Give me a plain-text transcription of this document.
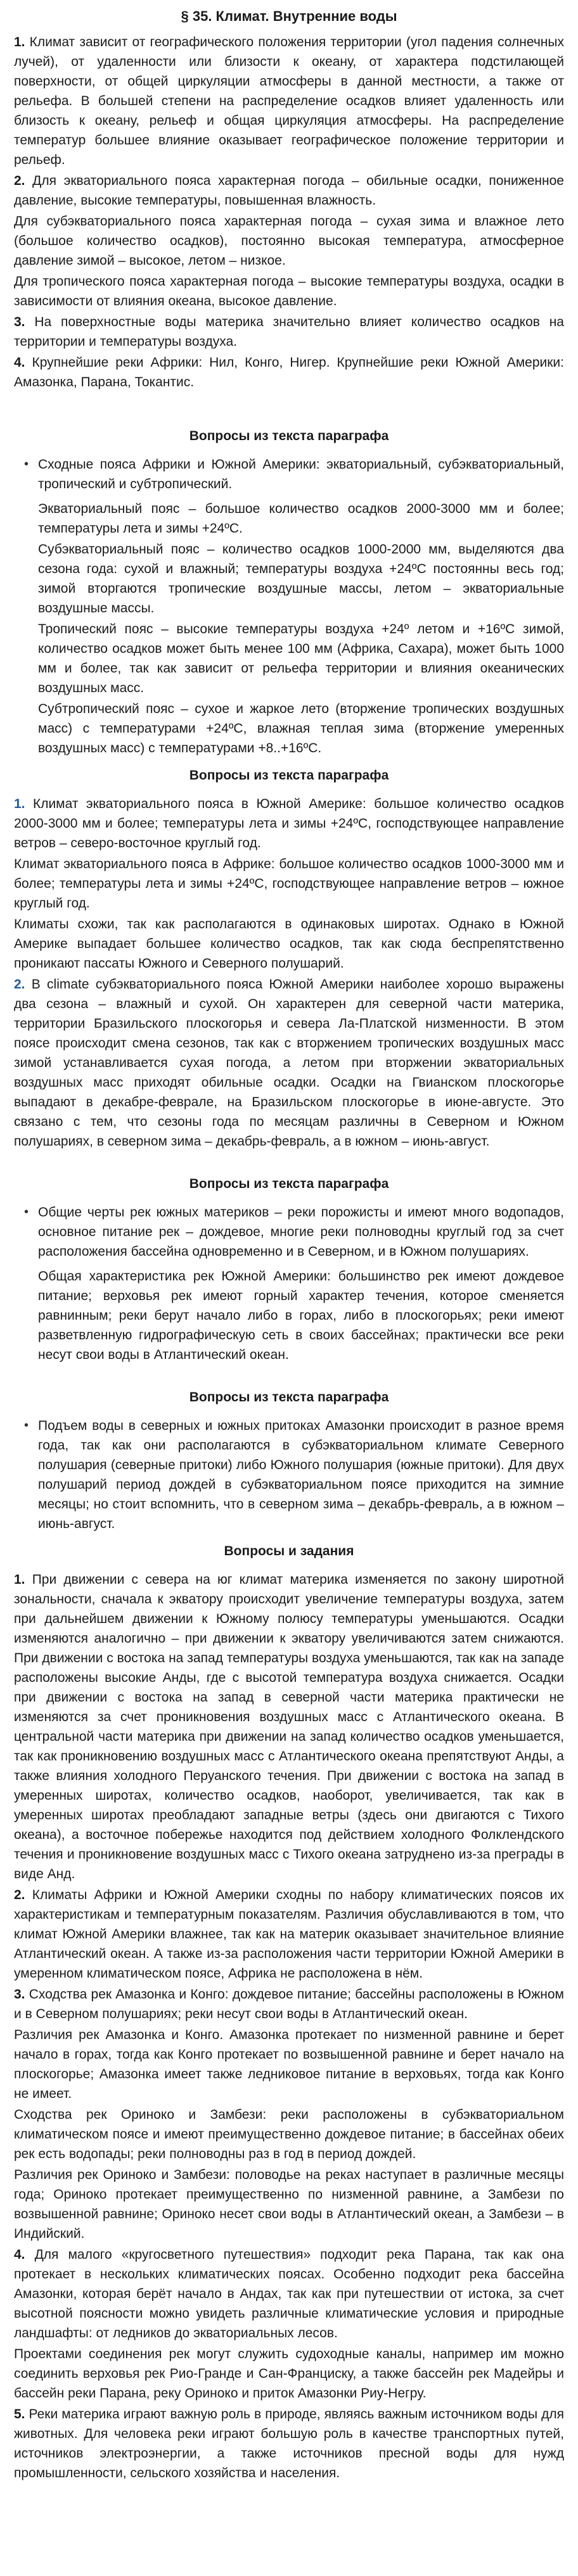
§ 35. Климат. Внутренние воды

1. Климат зависит от географического положения территории (угол падения солнечных лучей), от удаленности или близости к океану, от характера подстилающей поверхности, от общей циркуляции атмосферы в данной местности, а также от рельефа. В большей степени на распределение осадков влияет удаленность или близость к океану, рельеф и общая циркуляция атмосферы. На распределение температур большее влияние оказывает географическое положение территории и рельеф.

2. Для экваториального пояса характерная погода – обильные осадки, пониженное давление, высокие температуры, повышенная влажность.

Для субэкваториального пояса характерная погода – сухая зима и влажное лето (большое количество осадков), постоянно высокая температура, атмосферное давление зимой – высокое, летом – низкое.

Для тропического пояса характерная погода – высокие температуры воздуха, осадки в зависимости от влияния океана, высокое давление.

3. На поверхностные воды материка значительно влияет количество осадков на территории и температуры воздуха.

4. Крупнейшие реки Африки: Нил, Конго, Нигер. Крупнейшие реки Южной Америки: Амазонка, Парана, Токантис.

Вопросы из текста параграфа
• Сходные пояса Африки и Южной Америки: экваториальный, субэкваториальный, тропический и субтропический.

Экваториальный пояс – большое количество осадков 2000-3000 мм и более; температуры лета и зимы +24ºС.

Субэкваториальный пояс – количество осадков 1000-2000 мм, выделяются два сезона года: сухой и влажный; температуры воздуха +24ºС постоянны весь год; зимой вторгаются тропические воздушные массы, летом – экваториальные воздушные массы.

Тропический пояс – высокие температуры воздуха +24º летом и +16ºС зимой, количество осадков может быть менее 100 мм (Африка, Сахара), может быть 1000 мм и более, так как зависит от рельефа территории и влияния океанических воздушных масс.

Субтропический пояс – сухое и жаркое лето (вторжение тропических воздушных масс) с температурами +24ºС, влажная теплая зима (вторжение умеренных воздушных масс) с температурами +8..+16ºС.

Вопросы из текста параграфа

1. Климат экваториального пояса в Южной Америке: большое количество осадков 2000-3000 мм и более; температуры лета и зимы +24ºС, господствующее направление ветров – северо-восточное круглый год.

Климат экваториального пояса в Африке: большое количество осадков 1000-3000 мм и более; температуры лета и зимы +24ºС, господствующее направление ветров – южное круглый год.

Климаты схожи, так как располагаются в одинаковых широтах. Однако в Южной Америке выпадает большее количество осадков, так как сюда беспрепятственно проникают пассаты Южного и Северного полушарий.

2. В climate субэкваториального пояса Южной Америки наиболее хорошо выражены два сезона – влажный и сухой. Он характерен для северной части материка, территории Бразильского плоскогорья и севера Ла-Платской низменности. В этом поясе происходит смена сезонов, так как с вторжением тропических воздушных масс зимой устанавливается сухая погода, а летом при вторжении экваториальных воздушных масс приходят обильные осадки. Осадки на Гвианском плоскогорье выпадают в декабре-феврале, на Бразильском плоскогорье в июне-августе. Это связано с тем, что сезоны года по месяцам различны в Северном и Южном полушариях, в северном зима – декабрь-февраль, а в южном – июнь-август.

Вопросы из текста параграфа
• Общие черты рек южных материков – реки порожисты и имеют много водопадов, основное питание рек – дождевое, многие реки полноводны круглый год за счет расположения бассейна одновременно и в Северном, и в Южном полушариях.

Общая характеристика рек Южной Америки: большинство рек имеют дождевое питание; верховья рек имеют горный характер течения, которое сменяется равнинным; реки берут начало либо в горах, либо в плоскогорьях; реки имеют разветвленную гидрографическую сеть в своих бассейнах; практически все реки несут свои воды в Атлантический океан.

Вопросы из текста параграфа
• Подъем воды в северных и южных притоках Амазонки происходит в разное время года, так как они располагаются в субэкваториальном климате Северного полушария (северные притоки) либо Южного полушария (южные притоки). Для двух полушарий период дождей в субэкваториальном поясе приходится на зимние месяцы; но стоит вспомнить, что в северном зима – декабрь-февраль, а в южном – июнь-август.
Вопросы и задания

1. При движении с севера на юг климат материка изменяется по закону широтной зональности, сначала к экватору происходит увеличение температуры воздуха, затем при дальнейшем движении к Южному полюсу температуры уменьшаются. Осадки изменяются аналогично – при движении к экватору увеличиваются затем снижаются. При движении с востока на запад температуры воздуха уменьшаются, так как на западе расположены высокие Анды, где с высотой температура воздуха снижается. Осадки при движении с востока на запад в северной части материка практически не изменяются за счет проникновения воздушных масс с Атлантического океана. В центральной части материка при движении на запад количество осадков уменьшается, так как проникновению воздушных масс с Атлантического океана препятствуют Анды, а также влияния холодного Перуанского течения. При движении с востока на запад в умеренных широтах, количество осадков, наоборот, увеличивается, так как в умеренных широтах преобладают западные ветры (здесь они двигаются с Тихого океана), а восточное побережье находится под действием холодного Фолклендского течения и проникновение воздушных масс с Тихого океана затруднено из-за преграды в виде Анд.

2. Климаты Африки и Южной Америки сходны по набору климатических поясов их характеристикам и температурным показателям. Различия обуславливаются в том, что климат Южной Америки влажнее, так как на материк оказывает значительное влияние Атлантический океан. А также из-за расположения части территории Южной Америки в умеренном климатическом поясе, Африка не расположена в нём.

3. Сходства рек Амазонка и Конго: дождевое питание; бассейны расположены в Южном и в Северном полушариях; реки несут свои воды в Атлантический океан.

Различия рек Амазонка и Конго. Амазонка протекает по низменной равнине и берет начало в горах, тогда как Конго протекает по возвышенной равнине и берет начало на плоскогорье; Амазонка имеет также ледниковое питание в верховьях, тогда как Конго не имеет.

Сходства рек Ориноко и Замбези: реки расположены в субэкваториальном климатическом поясе и имеют преимущественно дождевое питание; в бассейнах обеих рек есть водопады; реки полноводны раз в год в период дождей.

Различия рек Ориноко и Замбези: половодье на реках наступает в различные месяцы года; Ориноко протекает преимущественно по низменной равнине, а Замбези по возвышенной равнине; Ориноко несет свои воды в Атлантический океан, а Замбези – в Индийский.

4. Для малого «кругосветного путешествия» подходит река Парана, так как она протекает в нескольких климатических поясах. Особенно подходит река бассейна Амазонки, которая берёт начало в Андах, так как при путешествии от истока, за счет высотной поясности можно увидеть различные климатические условия и природные ландшафты: от ледников до экваториальных лесов.

Проектами соединения рек могут служить судоходные каналы, например им можно соединить верховья рек Рио-Гранде и Сан-Франциску, а также бассейн рек Мадейры и бассейн реки Парана, реку Ориноко и приток Амазонки Риу-Негру.

5. Реки материка играют важную роль в природе, являясь важным источником воды для животных. Для человека реки играют большую роль в качестве транспортных путей, источников электроэнергии, а также источников пресной воды для нужд промышленности, сельского хозяйства и населения.
